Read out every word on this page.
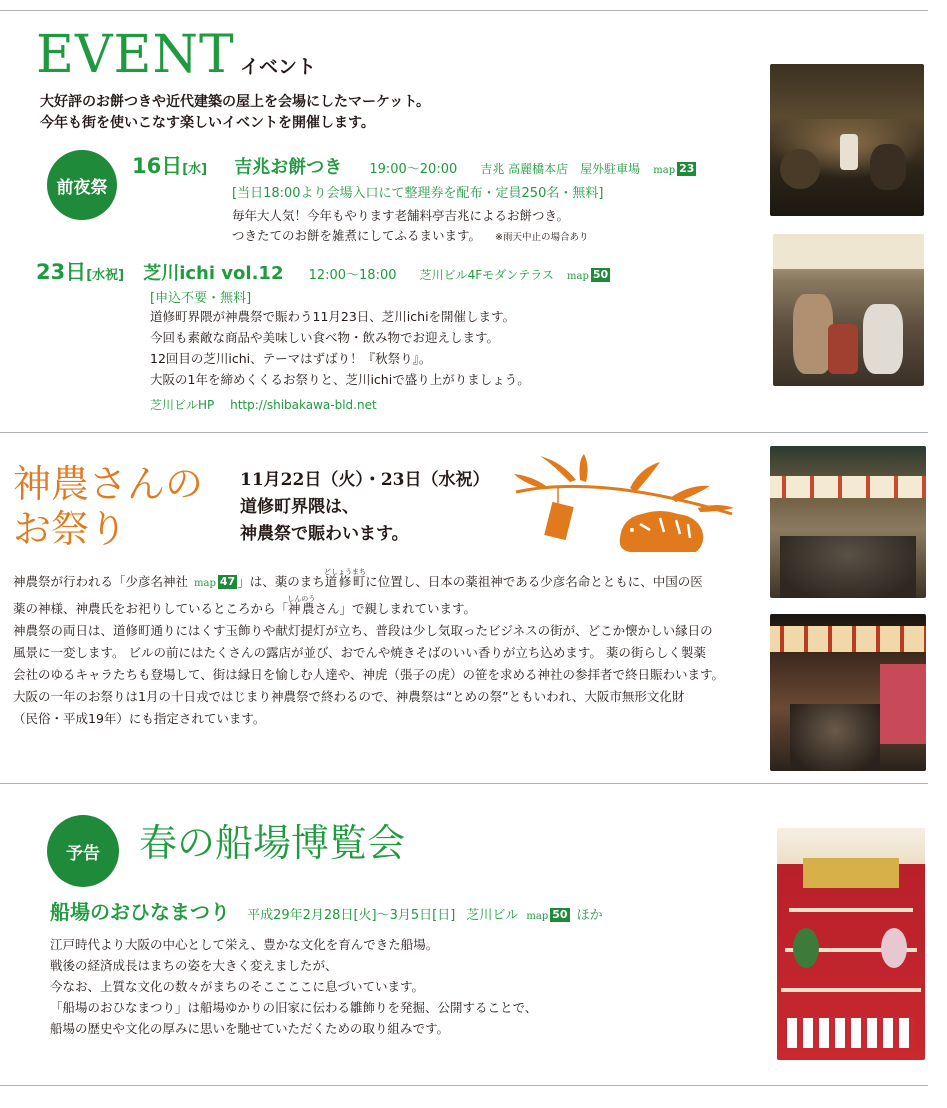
EVENT イベント
大好評のお餅つきや近代建築の屋上を会場にしたマーケット。
今年も街を使いこなす楽しいイベントを開催します。
前夜祭
16日[水] 吉兆お餅つき 19:00～20:00 吉兆 高麗橋本店　屋外駐車場 map 23
[当日18:00より会場入口にて整理券を配布・定員250名・無料]
毎年大人気！今年もやります老舗料亭吉兆によるお餅つき。
つきたてのお餅を雑煮にしてふるまいます。 ※雨天中止の場合あり
23日[水祝] 芝川ichi vol.12 12:00～18:00 芝川ビル4Fモダンテラス map 50
[申込不要・無料]
道修町界隈が神農祭で賑わう11月23日、芝川ichiを開催します。
今回も素敵な商品や美味しい食べ物・飲み物でお迎えします。
12回目の芝川ichi、テーマはずばり！『秋祭り』。
大阪の1年を締めくくるお祭りと、芝川ichiで盛り上がりましょう。
芝川ビルHP http://shibakawa-bld.net
神農さんの
お祭り
11月22日（火）・23日（水祝）
道修町界隈は、
神農祭で賑わいます。
神農祭が行われる「少彦名神社 map 47 」は、薬のまち道修町どしょうまちに位置し、日本の薬祖神である少彦名命とともに、中国の医
薬の神様、神農氏をお祀りしているところから「神農しんのうさん」で親しまれています。
神農祭の両日は、道修町通りにはくす玉飾りや献灯提灯が立ち、普段は少し気取ったビジネスの街が、どこか懐かしい縁日の
風景に一変します。 ビルの前にはたくさんの露店が並び、おでんや焼きそばのいい香りが立ち込めます。 薬の街らしく製薬
会社のゆるキャラたちも登場して、街は縁日を愉しむ人達や、神虎（張子の虎）の笹を求める神社の参拝者で終日賑わいます。
大阪の一年のお祭りは1月の十日戎ではじまり神農祭で終わるので、神農祭は“とめの祭”ともいわれ、大阪市無形文化財
（民俗・平成19年）にも指定されています。
予告	春の船場博覧会
船場のおひなまつり 平成29年2月28日[火]～3月5日[日] 芝川ビル map 50 ほか
江戸時代より大阪の中心として栄え、豊かな文化を育んできた船場。
戦後の経済成長はまちの姿を大きく変えましたが、
今なお、上質な文化の数々がまちのそここここに息づいています。
「船場のおひなまつり」は船場ゆかりの旧家に伝わる雛飾りを発掘、公開することで、
船場の歴史や文化の厚みに思いを馳せていただくための取り組みです。
